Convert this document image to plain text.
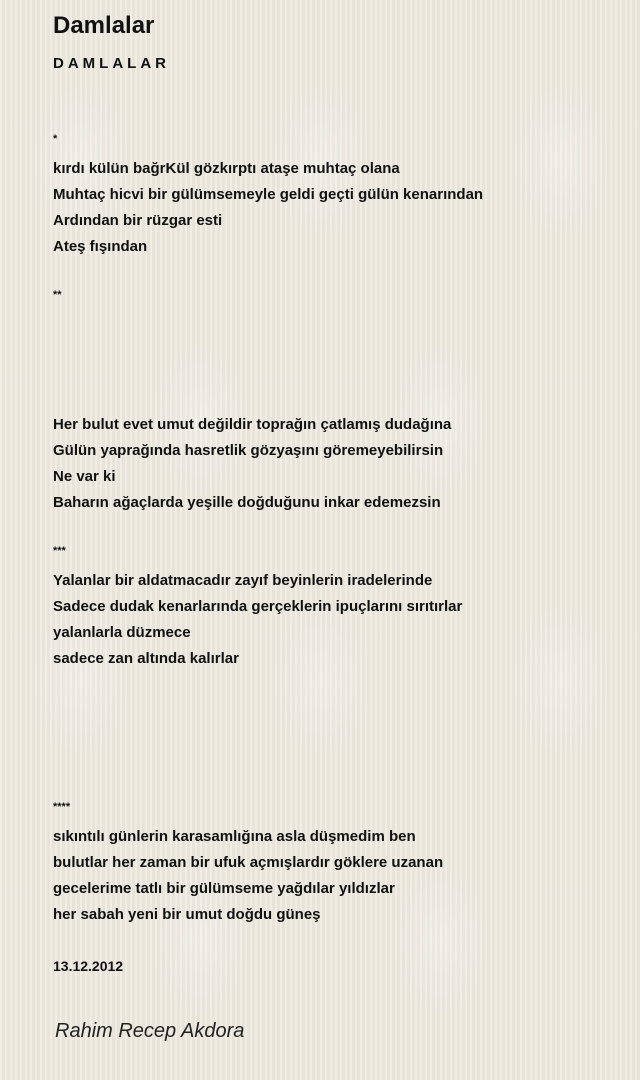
Damlalar
DAMLALAR
*
kırdı külün bağrKül gözkırptı ataşe muhtaç olana
Muhtaç hicvi bir gülümsemeyle geldi geçti gülün kenarından
Ardından bir rüzgar esti
Ateş fışından
**
Her bulut evet umut değildir toprağın çatlamış dudağına
Gülün yaprağında hasretlik gözyaşını göremeyebilirsin
Ne var ki
Baharın ağaçlarda yeşille doğduğunu inkar edemezsin
***
Yalanlar bir aldatmacadır zayıf beyinlerin iradelerinde
Sadece dudak kenarlarında gerçeklerin ipuçlarını sırıtırlar
yalanlarla düzmece
sadece zan altında kalırlar
****
sıkıntılı günlerin karasamlığına asla düşmedim ben
bulutlar her zaman bir ufuk açmışlardır göklere uzanan
gecelerime tatlı bir gülümseme yağdılar yıldızlar
her sabah yeni bir umut doğdu güneş
13.12.2012
Rahim Recep Akdora
